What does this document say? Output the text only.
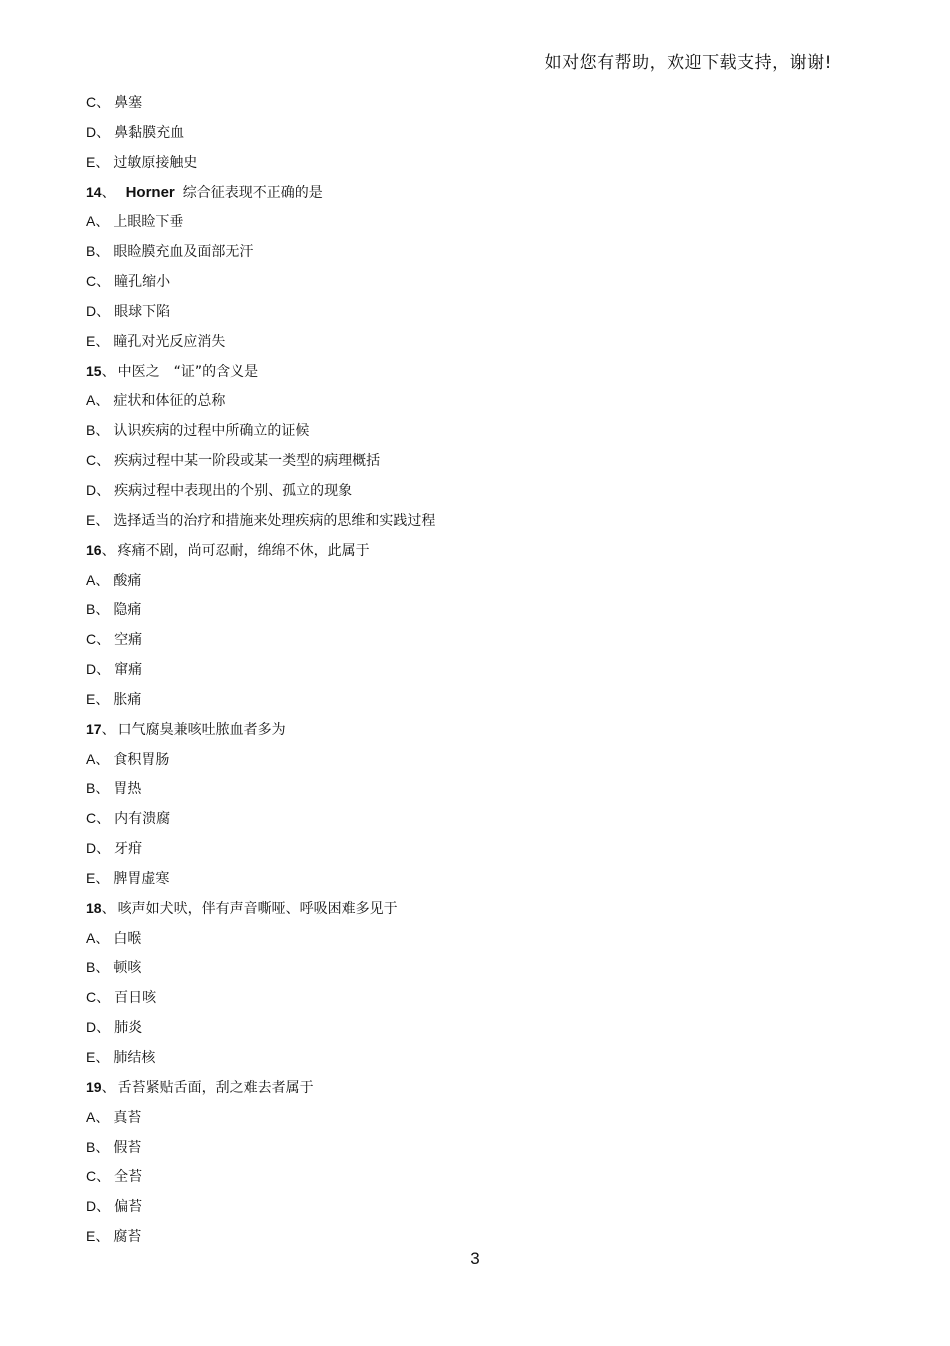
如对您有帮助，欢迎下载支持，谢谢!
C、 鼻塞
D、 鼻黏膜充血
E、 过敏原接触史
14、 Horner 综合征表现不正确的是
A、 上眼睑下垂
B、 眼睑膜充血及面部无汗
C、 瞳孔缩小
D、 眼球下陷
E、 瞳孔对光反应消失
15、 中医之 “证”的含义是
A、 症状和体征的总称
B、 认识疾病的过程中所确立的证候
C、 疾病过程中某一阶段或某一类型的病理概括
D、 疾病过程中表现出的个别、孤立的现象
E、 选择适当的治疗和措施来处理疾病的思维和实践过程
16、 疼痛不剧，尚可忍耐，绵绵不休，此属于
A、 酸痛
B、 隐痛
C、 空痛
D、 窜痛
E、 胀痛
17、 口气腐臭兼咳吐脓血者多为
A、 食积胃肠
B、 胃热
C、 内有溃腐
D、 牙疳
E、 脾胃虚寒
18、 咳声如犬吠，伴有声音嘶哑、呼吸困难多见于
A、 白喉
B、 顿咳
C、 百日咳
D、 肺炎
E、 肺结核
19、 舌苔紧贴舌面，刮之难去者属于
A、 真苔
B、 假苔
C、 全苔
D、 偏苔
E、 腐苔
3
